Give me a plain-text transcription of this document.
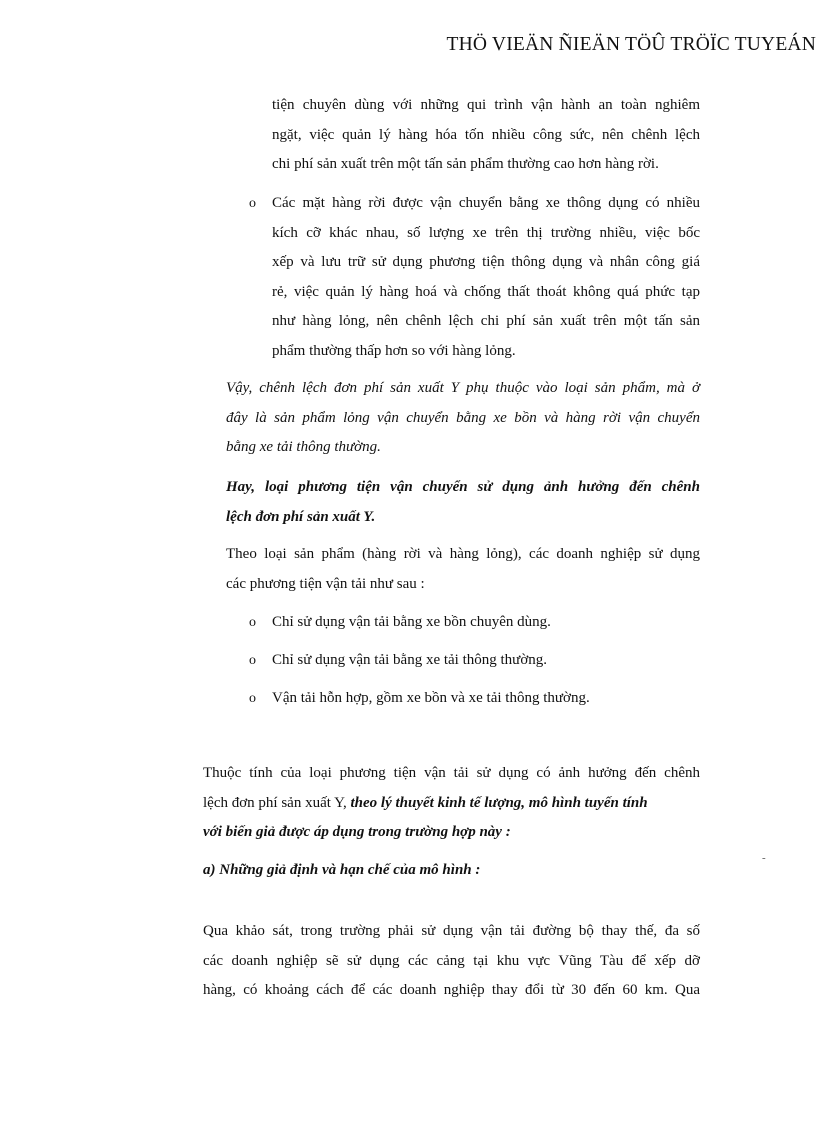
THÖ VIEÄN ÑIEÄN TÖÛ TRÖÏC TUYEÁN
tiện chuyên dùng với những qui trình vận hành an toàn nghiêm
ngặt, việc quản lý hàng hóa tốn nhiều công sức, nên chênh lệch
chi phí sản xuất trên một tấn sản phẩm thường cao hơn hàng rời.
o	Các mặt hàng rời được vận chuyển bằng xe thông dụng có nhiều
kích cỡ khác nhau, số lượng xe trên thị trường nhiều, việc bốc
xếp và lưu trữ sử dụng phương tiện thông dụng và nhân công giá
rẻ, việc quản lý hàng hoá và chống thất thoát không quá phức tạp
như hàng lỏng, nên chênh lệch chi phí sản xuất trên một tấn sản
phẩm thường thấp hơn so với hàng lỏng.
Vậy, chênh lệch đơn phí sản xuất Y phụ thuộc vào loại sản phẩm, mà ở
đây là sản phẩm lỏng vận chuyển bằng xe bồn và hàng rời vận chuyển
bằng xe tải thông thường.
Hay, loại phương tiện vận chuyển sử dụng ảnh hưởng đến chênh
lệch đơn phí sản xuất Y.
Theo loại sản phẩm (hàng rời và hàng lỏng), các doanh nghiệp sử dụng
các phương tiện vận tải như sau :
o	Chỉ sử dụng vận tải bằng xe bồn chuyên dùng.
o	Chỉ sử dụng vận tải bằng xe tải thông thường.
o	Vận tải hỗn hợp, gồm xe bồn và xe tải thông thường.
Thuộc tính của loại phương tiện vận tải sử dụng có ảnh hưởng đến chênh
lệch đơn phí sản xuất Y, theo lý thuyết kinh tế lượng, mô hình tuyến tính
với biến giả được áp dụng trong trường hợp này :
a) Những giả định và hạn chế của mô hình :
-
Qua khảo sát, trong trường phải sử dụng vận tải đường bộ thay thế, đa số
các doanh nghiệp sẽ sử dụng các cảng tại khu vực Vũng Tàu để xếp dỡ
hàng, có khoảng cách để các doanh nghiệp thay đổi từ 30 đến 60 km. Qua
